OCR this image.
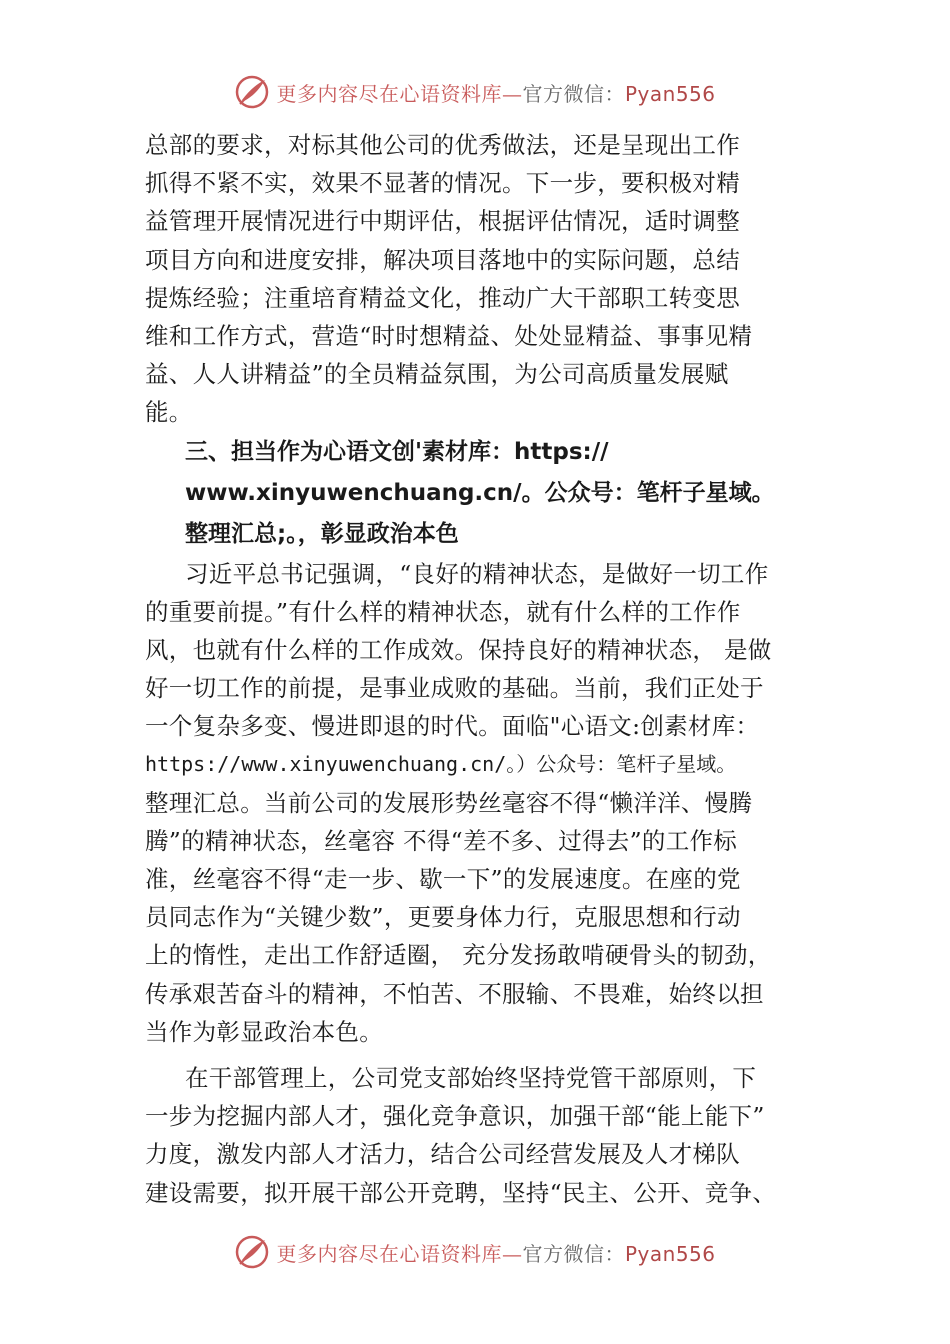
更多内容尽在心语资料库—官方微信：Pyan556
总部的要求，对标其他公司的优秀做法，还是呈现出工作
抓得不紧不实，效果不显著的情况。下一步，要积极对精
益管理开展情况进行中期评估，根据评估情况，适时调整
项目方向和进度安排，解决项目落地中的实际问题，总结
提炼经验；注重培育精益文化，推动广大干部职工转变思
维和工作方式，营造“时时想精益、处处显精益、事事见精
益、人人讲精益”的全员精益氛围，为公司高质量发展赋
能。
三、担当作为心语文创'素材库：https://
www.xinyuwenchuang.cn/。公众号：笔杆子星域。
整理汇总;。，彰显政治本色
习近平总书记强调，“良好的精神状态，是做好一切工作
的重要前提。”有什么样的精神状态，就有什么样的工作作
风，也就有什么样的工作成效。保持良好的精神状态， 是做
好一切工作的前提，是事业成败的基础。当前，我们正处于
一个复杂多变、慢进即退的时代。面临"心语文:创素材库：
https://www.xinyuwenchuang.cn/。）公众号：笔杆子星域。
整理汇总。当前公司的发展形势丝毫容不得“懒洋洋、慢腾
腾”的精神状态，丝毫容 不得“差不多、过得去”的工作标
准，丝毫容不得“走一步、歇一下”的发展速度。在座的党
员同志作为“关键少数”，更要身体力行，克服思想和行动
上的惰性，走出工作舒适圈， 充分发扬敢啃硬骨头的韧劲，
传承艰苦奋斗的精神，不怕苦、不服输、不畏难，始终以担
当作为彰显政治本色。
在干部管理上，公司党支部始终坚持党管干部原则，下
一步为挖掘内部人才，强化竞争意识，加强干部“能上能下”
力度，激发内部人才活力，结合公司经营发展及人才梯队
建设需要，拟开展干部公开竞聘，坚持“民主、公开、竞争、
更多内容尽在心语资料库—官方微信：Pyan556
